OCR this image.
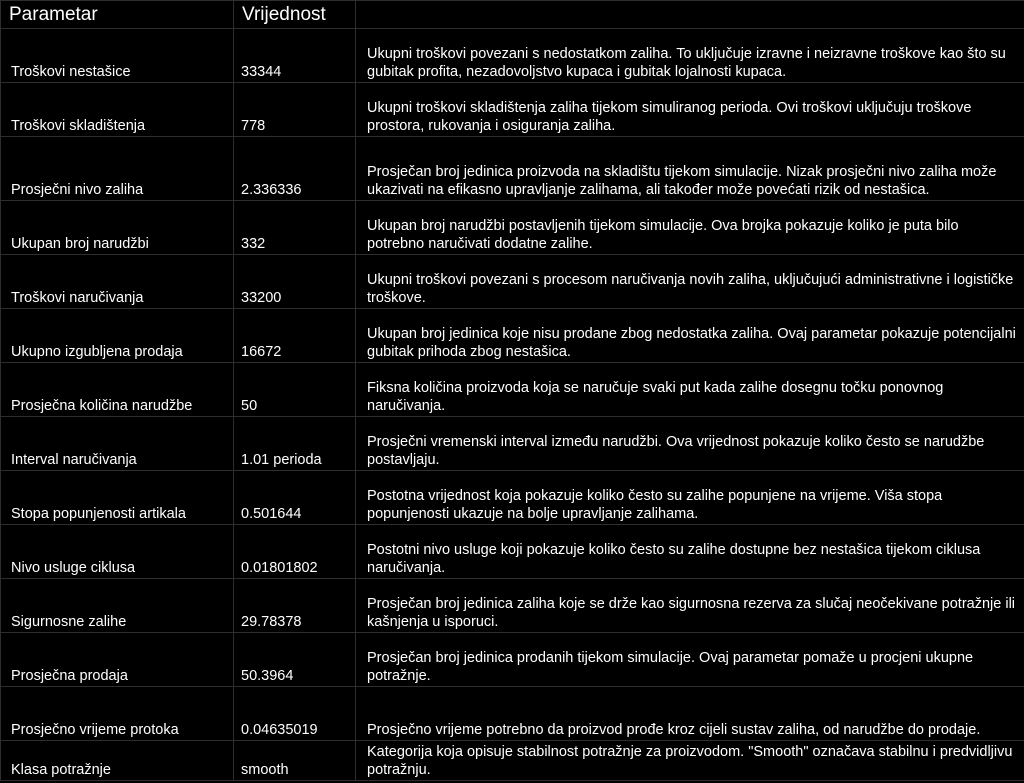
Parametar	Vrijednost	

Troškovi nestašice	33344	Ukupni troškovi povezani s nedostatkom zaliha. To uključuje izravne i neizravne troškove kao što su gubitak profita, nezadovoljstvo kupaca i gubitak lojalnosti kupaca.
Troškovi skladištenja	778	Ukupni troškovi skladištenja zaliha tijekom simuliranog perioda. Ovi troškovi uključuju troškove prostora, rukovanja i osiguranja zaliha.
Prosječni nivo zaliha	2.336336	Prosječan broj jedinica proizvoda na skladištu tijekom simulacije. Nizak prosječni nivo zaliha može ukazivati na efikasno upravljanje zalihama, ali također može povećati rizik od nestašica.
Ukupan broj narudžbi	332	Ukupan broj narudžbi postavljenih tijekom simulacije. Ova brojka pokazuje koliko je puta bilo potrebno naručivati dodatne zalihe.
Troškovi naručivanja	33200	Ukupni troškovi povezani s procesom naručivanja novih zaliha, uključujući administrativne i logističke troškove.
Ukupno izgubljena prodaja	16672	Ukupan broj jedinica koje nisu prodane zbog nedostatka zaliha. Ovaj parametar pokazuje potencijalni gubitak prihoda zbog nestašica.
Prosječna količina narudžbe	50	Fiksna količina proizvoda koja se naručuje svaki put kada zalihe dosegnu točku ponovnog naručivanja.
Interval naručivanja	1.01 perioda	Prosječni vremenski interval između narudžbi. Ova vrijednost pokazuje koliko često se narudžbe postavljaju.
Stopa popunjenosti artikala	0.501644	Postotna vrijednost koja pokazuje koliko često su zalihe popunjene na vrijeme. Viša stopa popunjenosti ukazuje na bolje upravljanje zalihama.
Nivo usluge ciklusa	0.01801802	Postotni nivo usluge koji pokazuje koliko često su zalihe dostupne bez nestašica tijekom ciklusa naručivanja.
Sigurnosne zalihe	29.78378	Prosječan broj jedinica zaliha koje se drže kao sigurnosna rezerva za slučaj neočekivane potražnje ili kašnjenja u isporuci.
Prosječna prodaja	50.3964	Prosječan broj jedinica prodanih tijekom simulacije. Ovaj parametar pomaže u procjeni ukupne potražnje.
Prosječno vrijeme protoka	0.04635019	Prosječno vrijeme potrebno da proizvod prođe kroz cijeli sustav zaliha, od narudžbe do prodaje.
Klasa potražnje	smooth	Kategorija koja opisuje stabilnost potražnje za proizvodom. "Smooth" označava stabilnu i predvidljivu potražnju.
